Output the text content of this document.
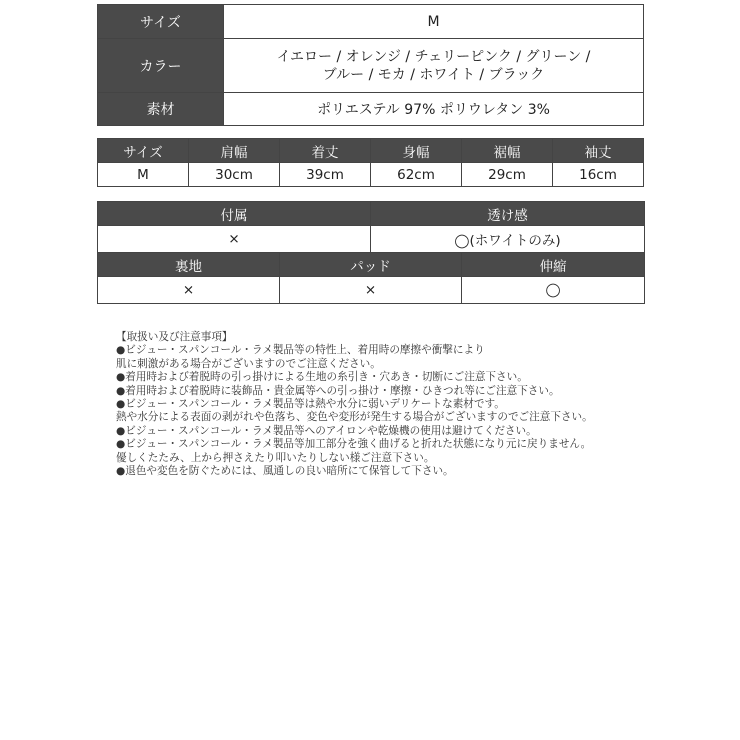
サイズ	M
カラー	イエロー / オレンジ / チェリーピンク / グリーン /
ブルー / モカ / ホワイト / ブラック

素材	ポリエステル 97% ポリウレタン 3%
サイズ	肩幅	着丈	身幅	裾幅	袖丈
M	30cm	39cm	62cm	29cm	16cm
付属		透け感	
×		◯(ホワイトのみ)	
裏地	パッド		伸縮
×	×		◯
【取扱い及び注意事項】
●ビジュー・スパンコール・ラメ製品等の特性上、着用時の摩擦や衝撃により
肌に刺激がある場合がございますのでご注意ください。
●着用時および着脱時の引っ掛けによる生地の糸引き・穴あき・切断にご注意下さい。
●着用時および着脱時に装飾品・貴金属等への引っ掛け・摩擦・ひきつれ等にご注意下さい。
●ビジュー・スパンコール・ラメ製品等は熱や水分に弱いデリケートな素材です。
熱や水分による表面の剥がれや色落ち、変色や変形が発生する場合がございますのでご注意下さい。
●ビジュー・スパンコール・ラメ製品等へのアイロンや乾燥機の使用は避けてください。
●ビジュー・スパンコール・ラメ製品等加工部分を強く曲げると折れた状態になり元に戻りません。
優しくたたみ、上から押さえたり叩いたりしない様ご注意下さい。
●退色や変色を防ぐためには、風通しの良い暗所にて保管して下さい。
